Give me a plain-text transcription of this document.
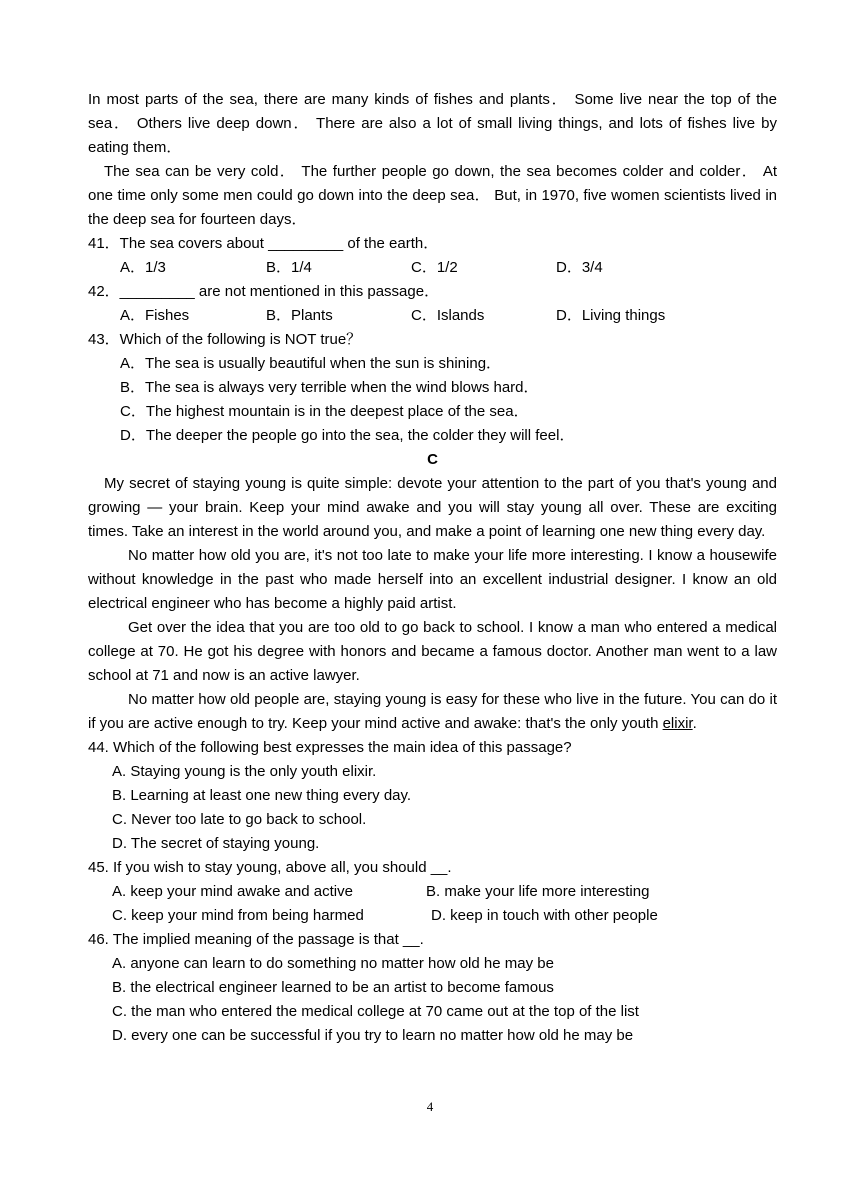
In most parts of the sea, there are many kinds of fishes and plants． Some live near the top of the sea． Others live deep down． There are also a lot of small living things, and lots of fishes live by eating them．

The sea can be very cold． The further people go down, the sea becomes colder and colder． At one time only some men could go down into the deep sea． But, in 1970, five women scientists lived in the deep sea for fourteen days．

41．The sea covers about _________ of the earth．
A．1/3	B．1/4	C．1/2	D．3/4
42．_________ are not mentioned in this passage．
A．Fishes	B．Plants	C．Islands	D．Living things
43．Which of the following is NOT true？
A．The sea is usually beautiful when the sun is shining．
B．The sea is always very terrible when the wind blows hard．
C．The highest mountain is in the deepest place of the sea．
D．The deeper the people go into the sea, the colder they will feel．
C

My secret of staying young is quite simple: devote your attention to the part of you that's young and growing — your brain. Keep your mind awake and you will stay young all over. These are exciting times. Take an interest in the world around you, and make a point of learning one new thing every day.

No matter how old you are, it's not too late to make your life more interesting. I know a housewife without knowledge in the past who made herself into an excellent industrial designer. I know an old electrical engineer who has become a highly paid artist.

Get over the idea that you are too old to go back to school. I know a man who entered a medical college at 70. He got his degree with honors and became a famous doctor. Another man went to a law school at 71 and now is an active lawyer.

No matter how old people are, staying young is easy for these who live in the future. You can do it if you are active enough to try. Keep your mind active and awake: that's the only youth elixir.

44. Which of the following best expresses the main idea of this passage?
A. Staying young is the only youth elixir.
B. Learning at least one new thing every day.
C. Never too late to go back to school.
D. The secret of staying young.
45. If you wish to stay young, above all, you should __.
A. keep your mind awake and active	B. make your life more interesting
C. keep your mind from being harmed	D. keep in touch with other people
46. The implied meaning of the passage is that __.
A. anyone can learn to do something no matter how old he may be
B. the electrical engineer learned to be an artist to become famous
C. the man who entered the medical college at 70 came out at the top of the list
D. every one can be successful if you try to learn no matter how old he may be
4
